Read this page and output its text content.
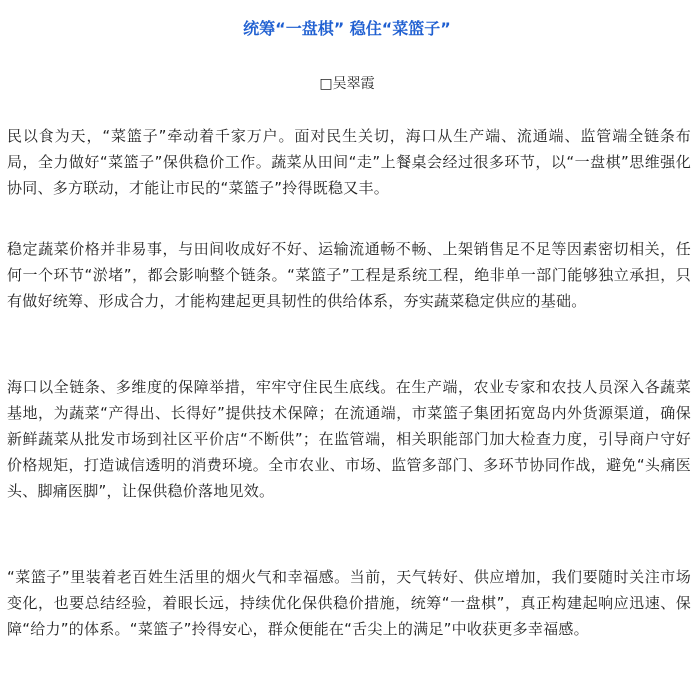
统筹“一盘棋” 稳住“菜篮子”
□吴翠霞

民以食为天，“菜篮子”牵动着千家万户。面对民生关切，海口从生产端、流通端、监管端全链条布局，全力做好“菜篮子”保供稳价工作。蔬菜从田间“走”上餐桌会经过很多环节，以“一盘棋”思维强化协同、多方联动，才能让市民的“菜篮子”拎得既稳又丰。

稳定蔬菜价格并非易事，与田间收成好不好、运输流通畅不畅、上架销售足不足等因素密切相关，任何一个环节“淤堵”，都会影响整个链条。“菜篮子”工程是系统工程，绝非单一部门能够独立承担，只有做好统筹、形成合力，才能构建起更具韧性的供给体系，夯实蔬菜稳定供应的基础。

海口以全链条、多维度的保障举措，牢牢守住民生底线。在生产端，农业专家和农技人员深入各蔬菜基地，为蔬菜“产得出、长得好”提供技术保障；在流通端，市菜篮子集团拓宽岛内外货源渠道，确保新鲜蔬菜从批发市场到社区平价店“不断供”；在监管端，相关职能部门加大检查力度，引导商户守好价格规矩，打造诚信透明的消费环境。全市农业、市场、监管多部门、多环节协同作战，避免“头痛医头、脚痛医脚”，让保供稳价落地见效。

“菜篮子”里装着老百姓生活里的烟火气和幸福感。当前，天气转好、供应增加，我们要随时关注市场变化，也要总结经验，着眼长远，持续优化保供稳价措施，统筹“一盘棋”，真正构建起响应迅速、保障“给力”的体系。“菜篮子”拎得安心，群众便能在“舌尖上的满足”中收获更多幸福感。
